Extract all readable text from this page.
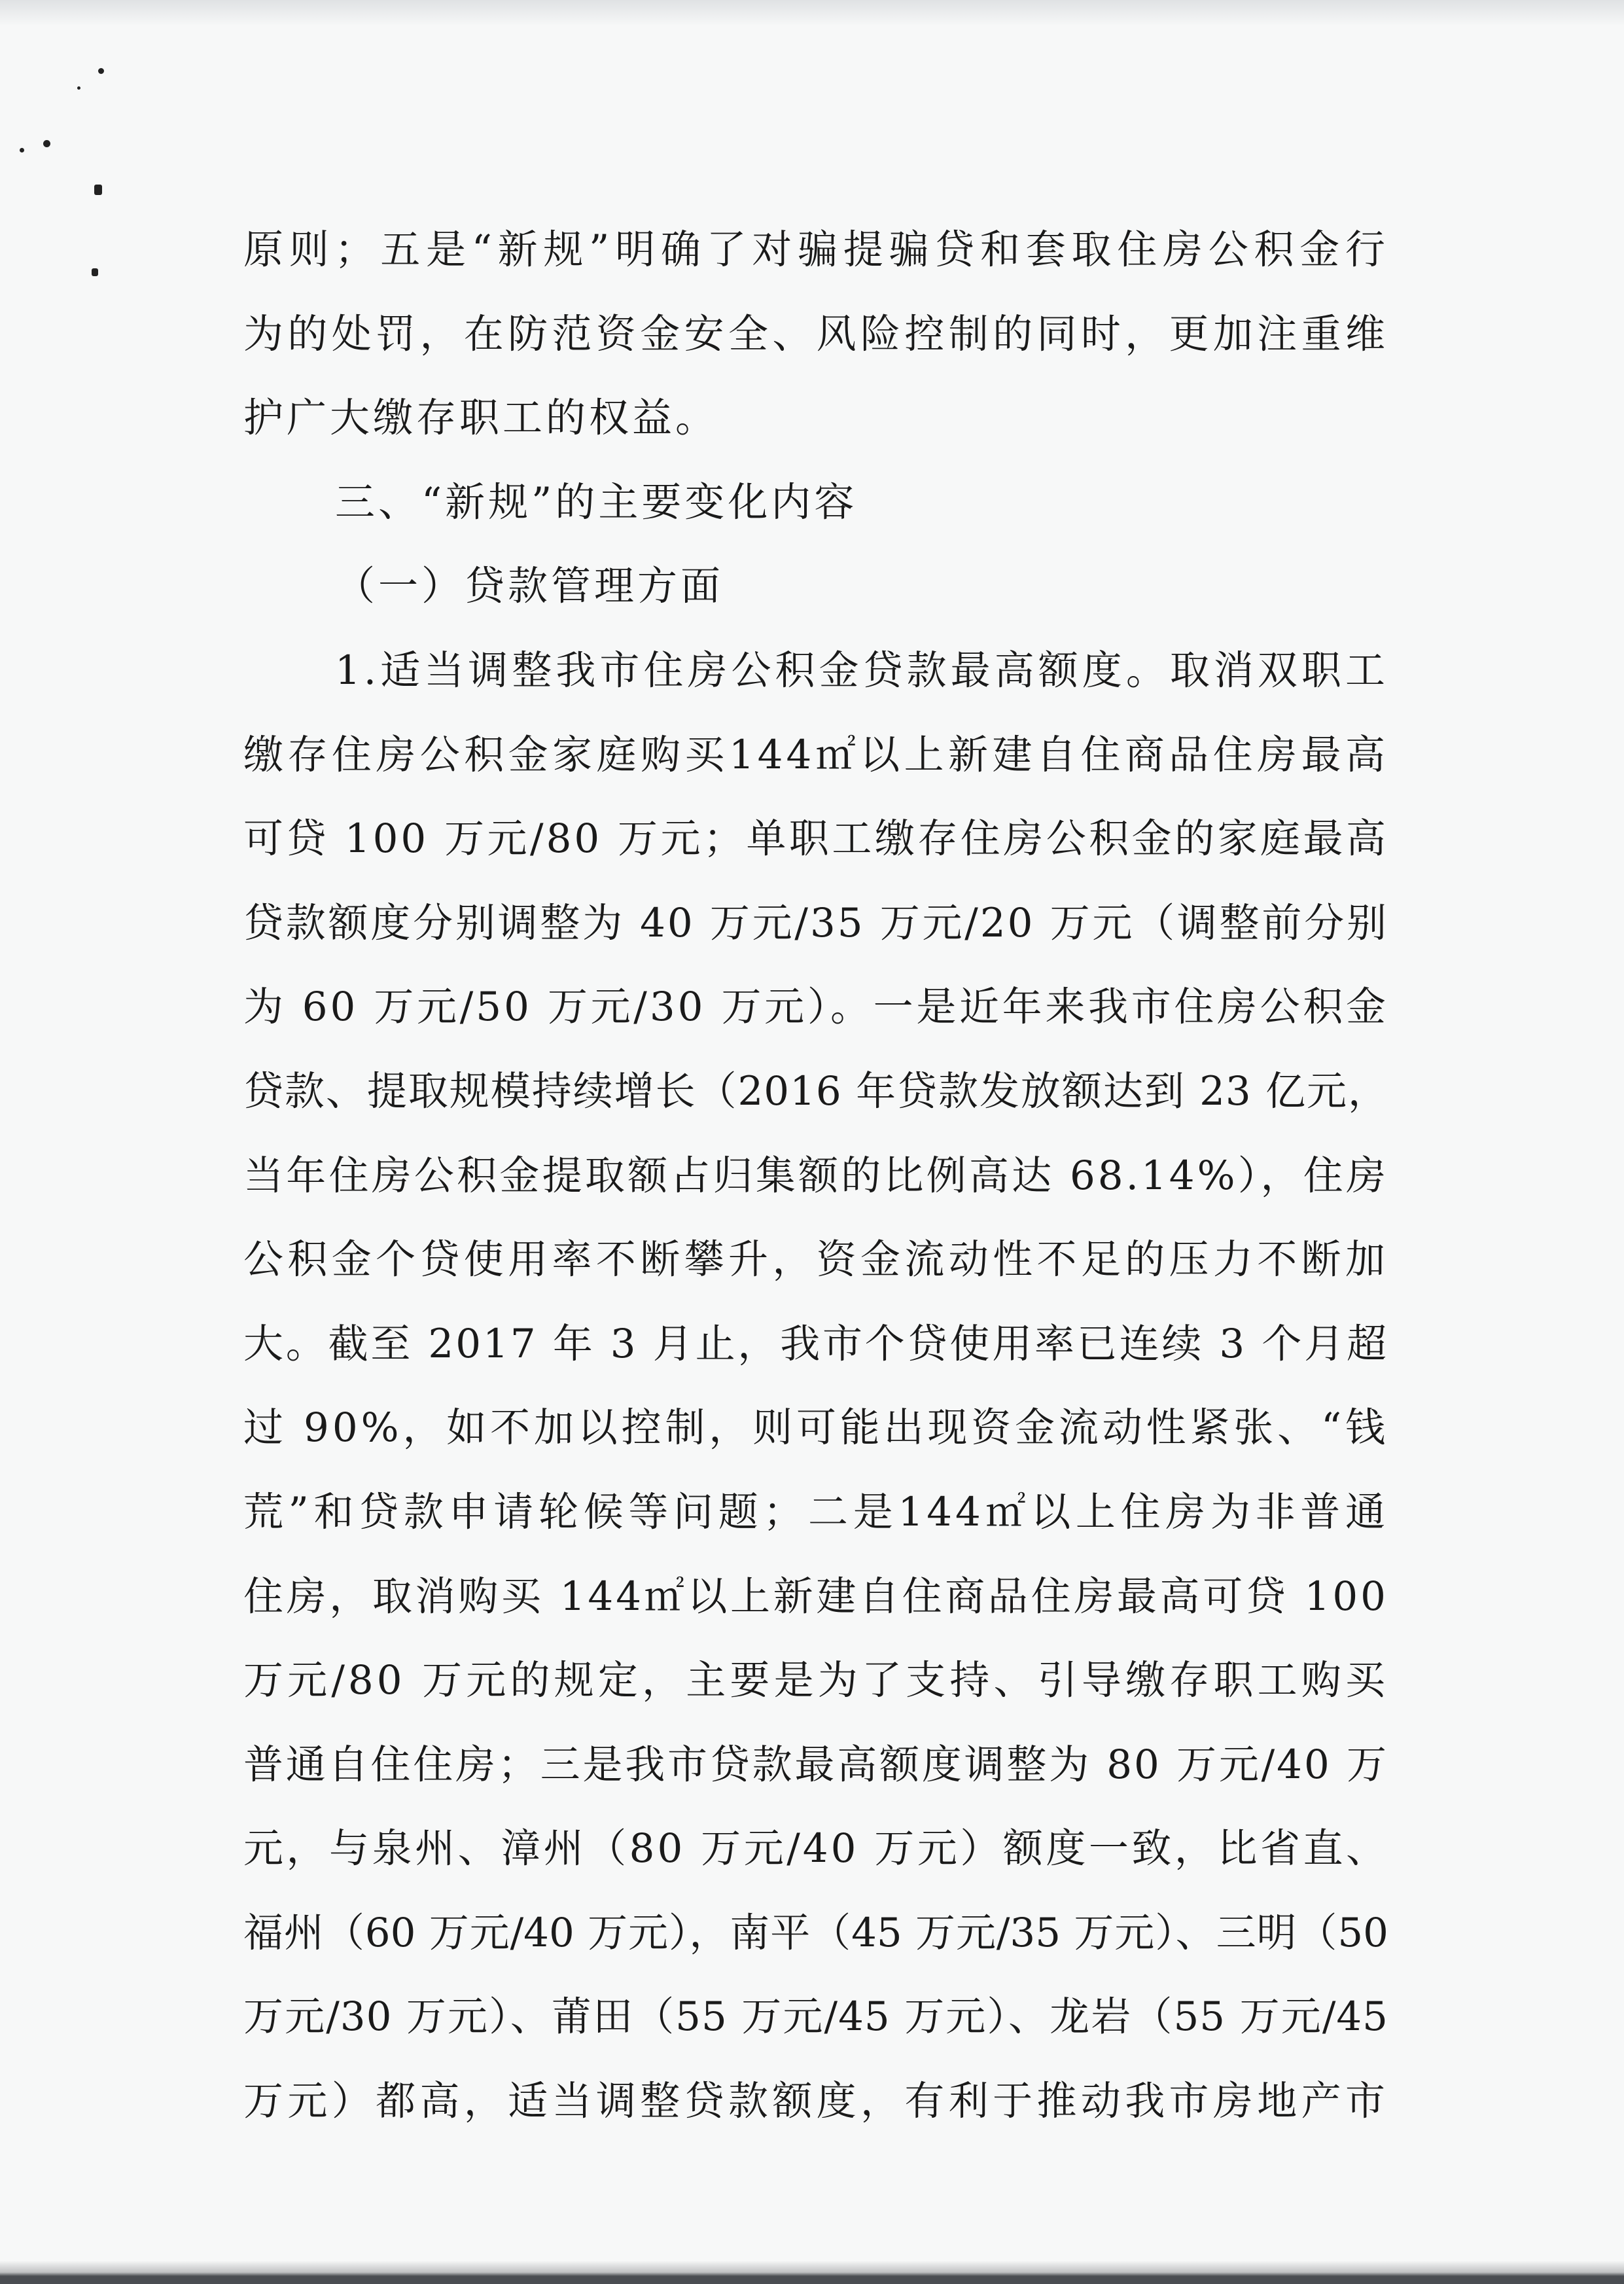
原则；五是“新规”明确了对骗提骗贷和套取住房公积金行
为的处罚，在防范资金安全、风险控制的同时，更加注重维
护广大缴存职工的权益。
三、“新规”的主要变化内容
（一）贷款管理方面
1.适当调整我市住房公积金贷款最高额度。取消双职工
缴存住房公积金家庭购买144㎡以上新建自住商品住房最高
可贷 100 万元/80 万元；单职工缴存住房公积金的家庭最高
贷款额度分别调整为 40 万元/35 万元/20 万元（调整前分别
为 60 万元/50 万元/30 万元）。一是近年来我市住房公积金
贷款、提取规模持续增长（2016 年贷款发放额达到 23 亿元，
当年住房公积金提取额占归集额的比例高达 68.14%），住房
公积金个贷使用率不断攀升，资金流动性不足的压力不断加
大。截至 2017 年 3 月止，我市个贷使用率已连续 3 个月超
过 90%，如不加以控制，则可能出现资金流动性紧张、“钱
荒”和贷款申请轮候等问题；二是144㎡以上住房为非普通
住房，取消购买 144㎡以上新建自住商品住房最高可贷 100
万元/80 万元的规定，主要是为了支持、引导缴存职工购买
普通自住住房；三是我市贷款最高额度调整为 80 万元/40 万
元，与泉州、漳州（80 万元/40 万元）额度一致，比省直、
福州（60 万元/40 万元），南平（45 万元/35 万元）、三明（50
万元/30 万元）、莆田（55 万元/45 万元）、龙岩（55 万元/45
万元）都高，适当调整贷款额度，有利于推动我市房地产市
